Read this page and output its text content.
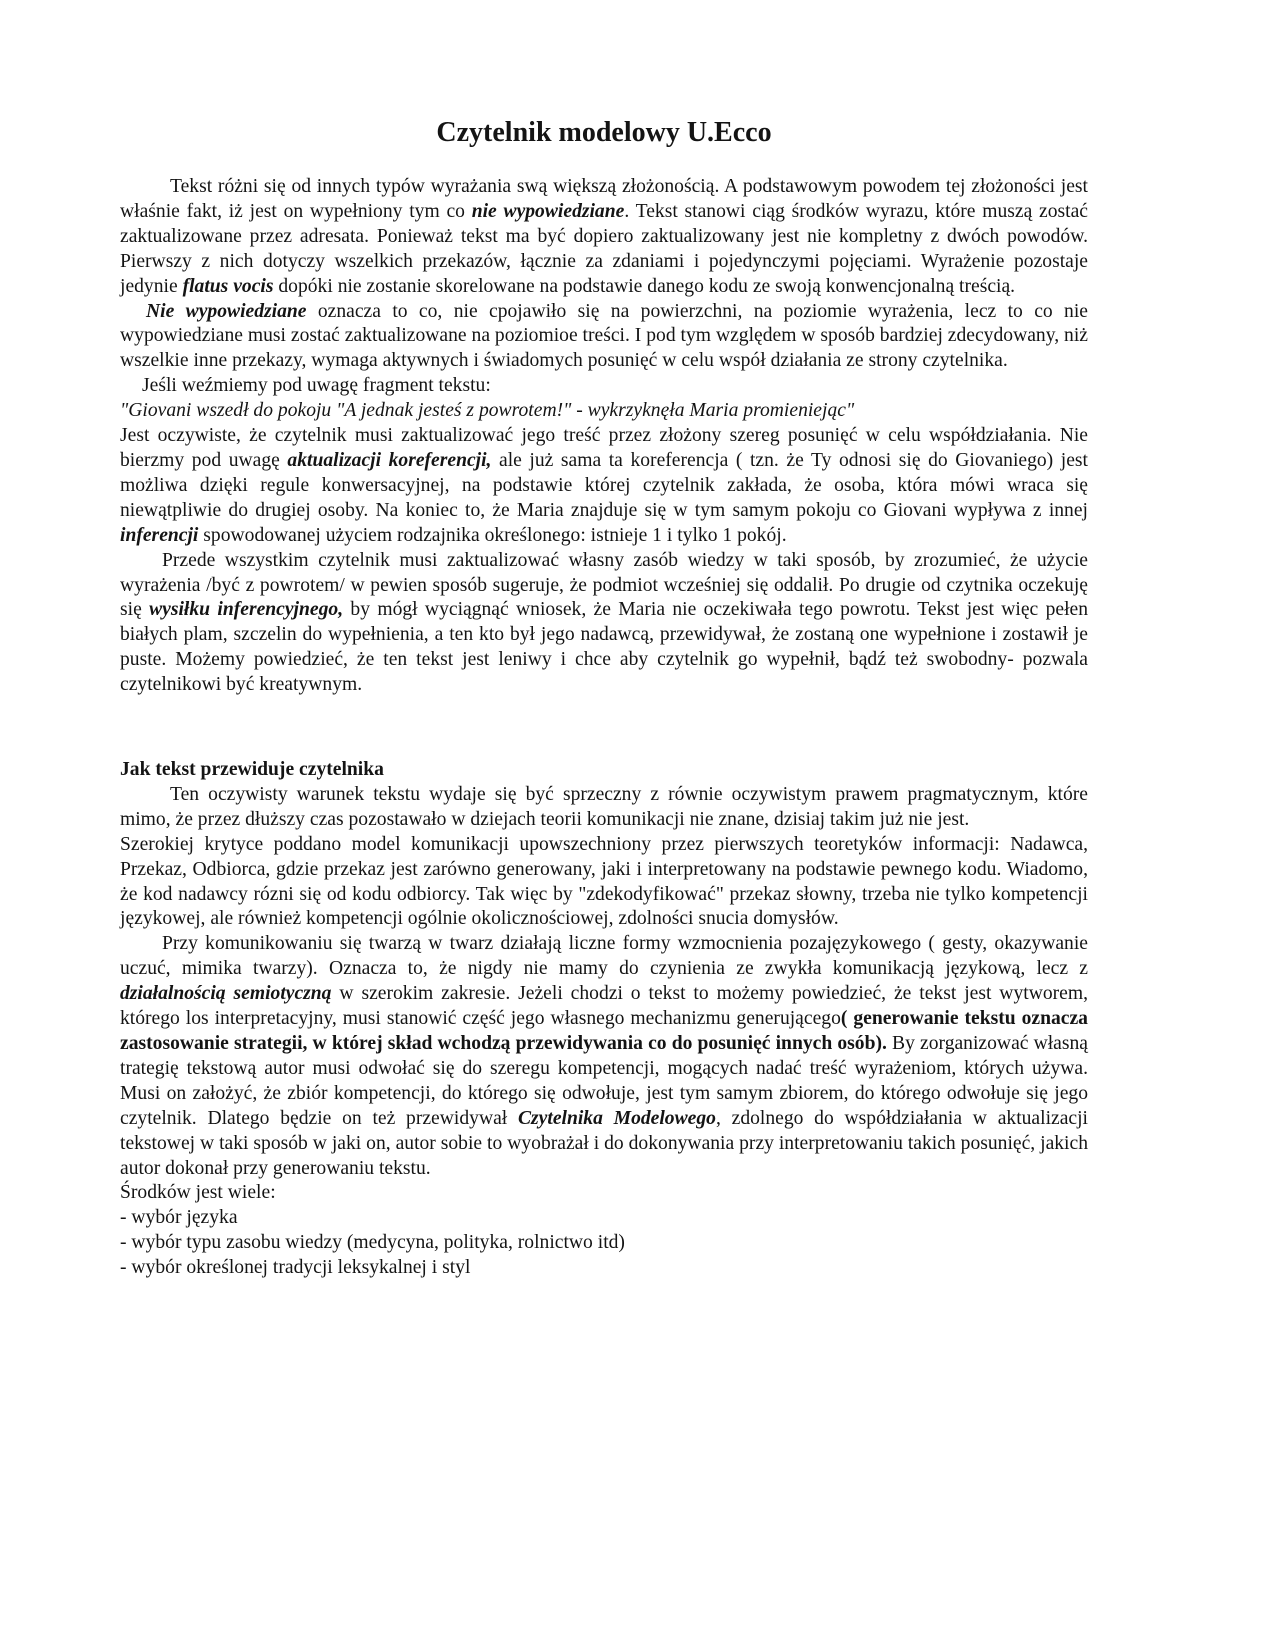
Czytelnik modelowy U.Ecco

Tekst różni się od innych typów wyrażania swą większą złożonością. A podstawowym powodem tej złożoności jest właśnie fakt, iż jest on wypełniony tym co nie wypowiedziane. Tekst stanowi ciąg środków wyrazu, które muszą zostać zaktualizowane przez adresata. Ponieważ tekst ma być dopiero zaktualizowany jest nie kompletny z dwóch powodów. Pierwszy z nich dotyczy wszelkich przekazów, łącznie za zdaniami i pojedynczymi pojęciami. Wyrażenie pozostaje jedynie flatus vocis dopóki nie zostanie skorelowane na podstawie danego kodu ze swoją konwencjonalną treścią.

Nie wypowiedziane oznacza to co, nie cpojawiło się na powierzchni, na poziomie wyrażenia, lecz to co nie wypowiedziane musi zostać zaktualizowane na poziomioe treści. I pod tym względem w sposób bardziej zdecydowany, niż wszelkie inne przekazy, wymaga aktywnych i świadomych posunięć w celu współ działania ze strony czytelnika.

Jeśli weźmiemy pod uwagę fragment tekstu:

"Giovani wszedł do pokoju "A jednak jesteś z powrotem!" - wykrzyknęła Maria promieniejąc"

Jest oczywiste, że czytelnik musi zaktualizować jego treść przez złożony szereg posunięć w celu współdziałania. Nie bierzmy pod uwagę aktualizacji koreferencji, ale już sama ta koreferencja ( tzn. że Ty odnosi się do Giovaniego) jest możliwa dzięki regule konwersacyjnej, na podstawie której czytelnik zakłada, że osoba, która mówi wraca się niewątpliwie do drugiej osoby. Na koniec to, że Maria znajduje się w tym samym pokoju co Giovani wypływa z innej inferencji spowodowanej użyciem rodzajnika określonego: istnieje 1 i tylko 1 pokój.

Przede wszystkim czytelnik musi zaktualizować własny zasób wiedzy w taki sposób, by zrozumieć, że użycie wyrażenia /być z powrotem/ w pewien sposób sugeruje, że podmiot wcześniej się oddalił. Po drugie od czytnika oczekuję się wysiłku inferencyjnego, by mógł wyciągnąć wniosek, że Maria nie oczekiwała tego powrotu. Tekst jest więc pełen białych plam, szczelin do wypełnienia, a ten kto był jego nadawcą, przewidywał, że zostaną one wypełnione i zostawił je puste. Możemy powiedzieć, że ten tekst jest leniwy i chce aby czytelnik go wypełnił, bądź też swobodny- pozwala czytelnikowi być kreatywnym.

Jak tekst przewiduje czytelnika

Ten oczywisty warunek tekstu wydaje się być sprzeczny z równie oczywistym prawem pragmatycznym, które mimo, że przez dłuższy czas pozostawało w dziejach teorii komunikacji nie znane, dzisiaj takim już nie jest.

Szerokiej krytyce poddano model komunikacji upowszechniony przez pierwszych teoretyków informacji: Nadawca, Przekaz, Odbiorca, gdzie przekaz jest zarówno generowany, jaki i interpretowany na podstawie pewnego kodu. Wiadomo, że kod nadawcy rózni się od kodu odbiorcy. Tak więc by "zdekodyfikować" przekaz słowny, trzeba nie tylko kompetencji językowej, ale również kompetencji ogólnie okolicznościowej, zdolności snucia domysłów.

Przy komunikowaniu się twarzą w twarz działają liczne formy wzmocnienia pozajęzykowego ( gesty, okazywanie uczuć, mimika twarzy). Oznacza to, że nigdy nie mamy do czynienia ze zwykła komunikacją językową, lecz z działalnością semiotyczną w szerokim zakresie. Jeżeli chodzi o tekst to możemy powiedzieć, że tekst jest wytworem, którego los interpretacyjny, musi stanowić część jego własnego mechanizmu generującego( generowanie tekstu oznacza zastosowanie strategii, w której skład wchodzą przewidywania co do posunięć innych osób). By zorganizować własną trategię tekstową autor musi odwołać się do szeregu kompetencji, mogących nadać treść wyrażeniom, których używa. Musi on założyć, że zbiór kompetencji, do którego się odwołuje, jest tym samym zbiorem, do którego odwołuje się jego czytelnik. Dlatego będzie on też przewidywał Czytelnika Modelowego, zdolnego do współdziałania w aktualizacji tekstowej w taki sposób w jaki on, autor sobie to wyobrażał i do dokonywania przy interpretowaniu takich posunięć, jakich autor dokonał przy generowaniu tekstu.

Środków jest wiele:

- wybór języka

- wybór typu zasobu wiedzy (medycyna, polityka, rolnictwo itd)

- wybór określonej tradycji leksykalnej i styl
